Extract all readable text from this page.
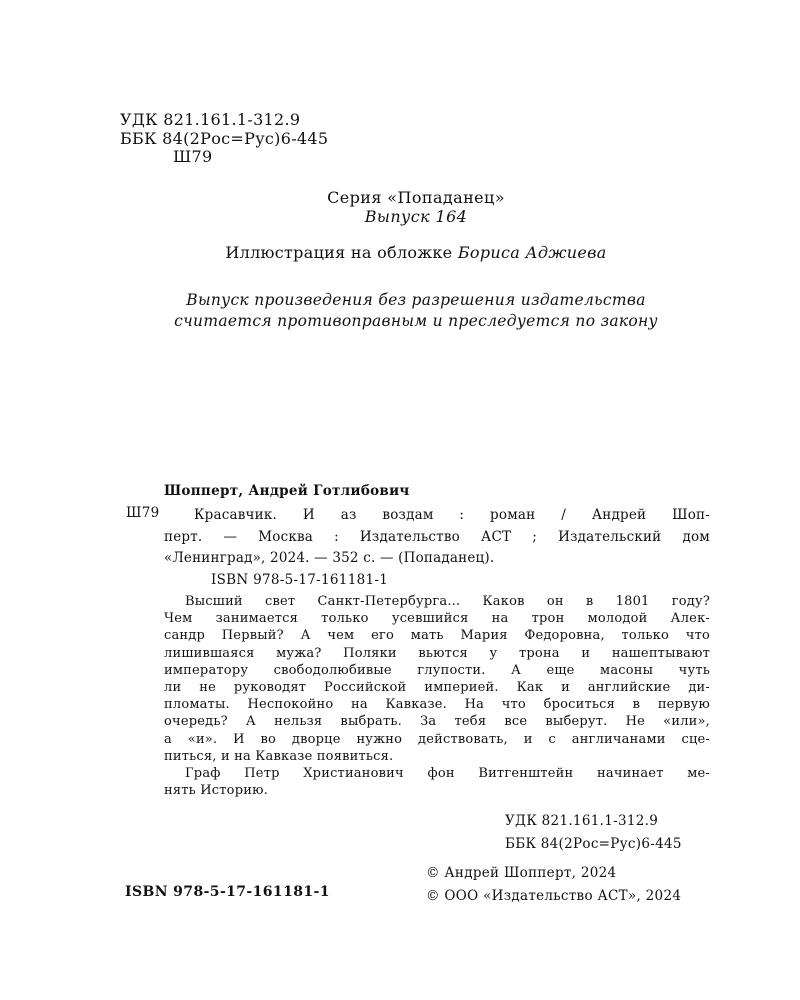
УДК 821.161.1-312.9
ББК 84(2Рос=Рус)6-445
Ш79
Серия «Попаданец»
Выпуск 164
Иллюстрация на обложке Бориса Аджиева
Выпуск произведения без разрешения издательства
считается противоправным и преследуется по закону
Шопперт, Андрей Готлибович
Ш79	Красавчик. И аз воздам : роман / Андрей Шоп-
перт. — Москва : Издательство АСТ ; Издательский дом
«Ленинград», 2024. — 352 с. — (Попаданец).
ISBN 978-5-17-161181-1
Высший свет Санкт-Петербурга... Каков он в 1801 году?
Чем занимается только усевшийся на трон молодой Алек-
сандр Первый? А чем его мать Мария Федоровна, только что
лишившаяся мужа? Поляки вьются у трона и нашептывают
императору свободолюбивые глупости. А еще масоны чуть
ли не руководят Российской империей. Как и английские ди-
пломаты. Неспокойно на Кавказе. На что броситься в первую
очередь? А нельзя выбрать. За тебя все выберут. Не «или»,
а «и». И во дворце нужно действовать, и с англичанами сце-
питься, и на Кавказе появиться.
Граф Петр Христианович фон Витгенштейн начинает ме-
нять Историю.
УДК 821.161.1-312.9
ББК 84(2Рос=Рус)6-445
© Андрей Шопперт, 2024
© ООО «Издательство АСТ», 2024
ISBN 978-5-17-161181-1
